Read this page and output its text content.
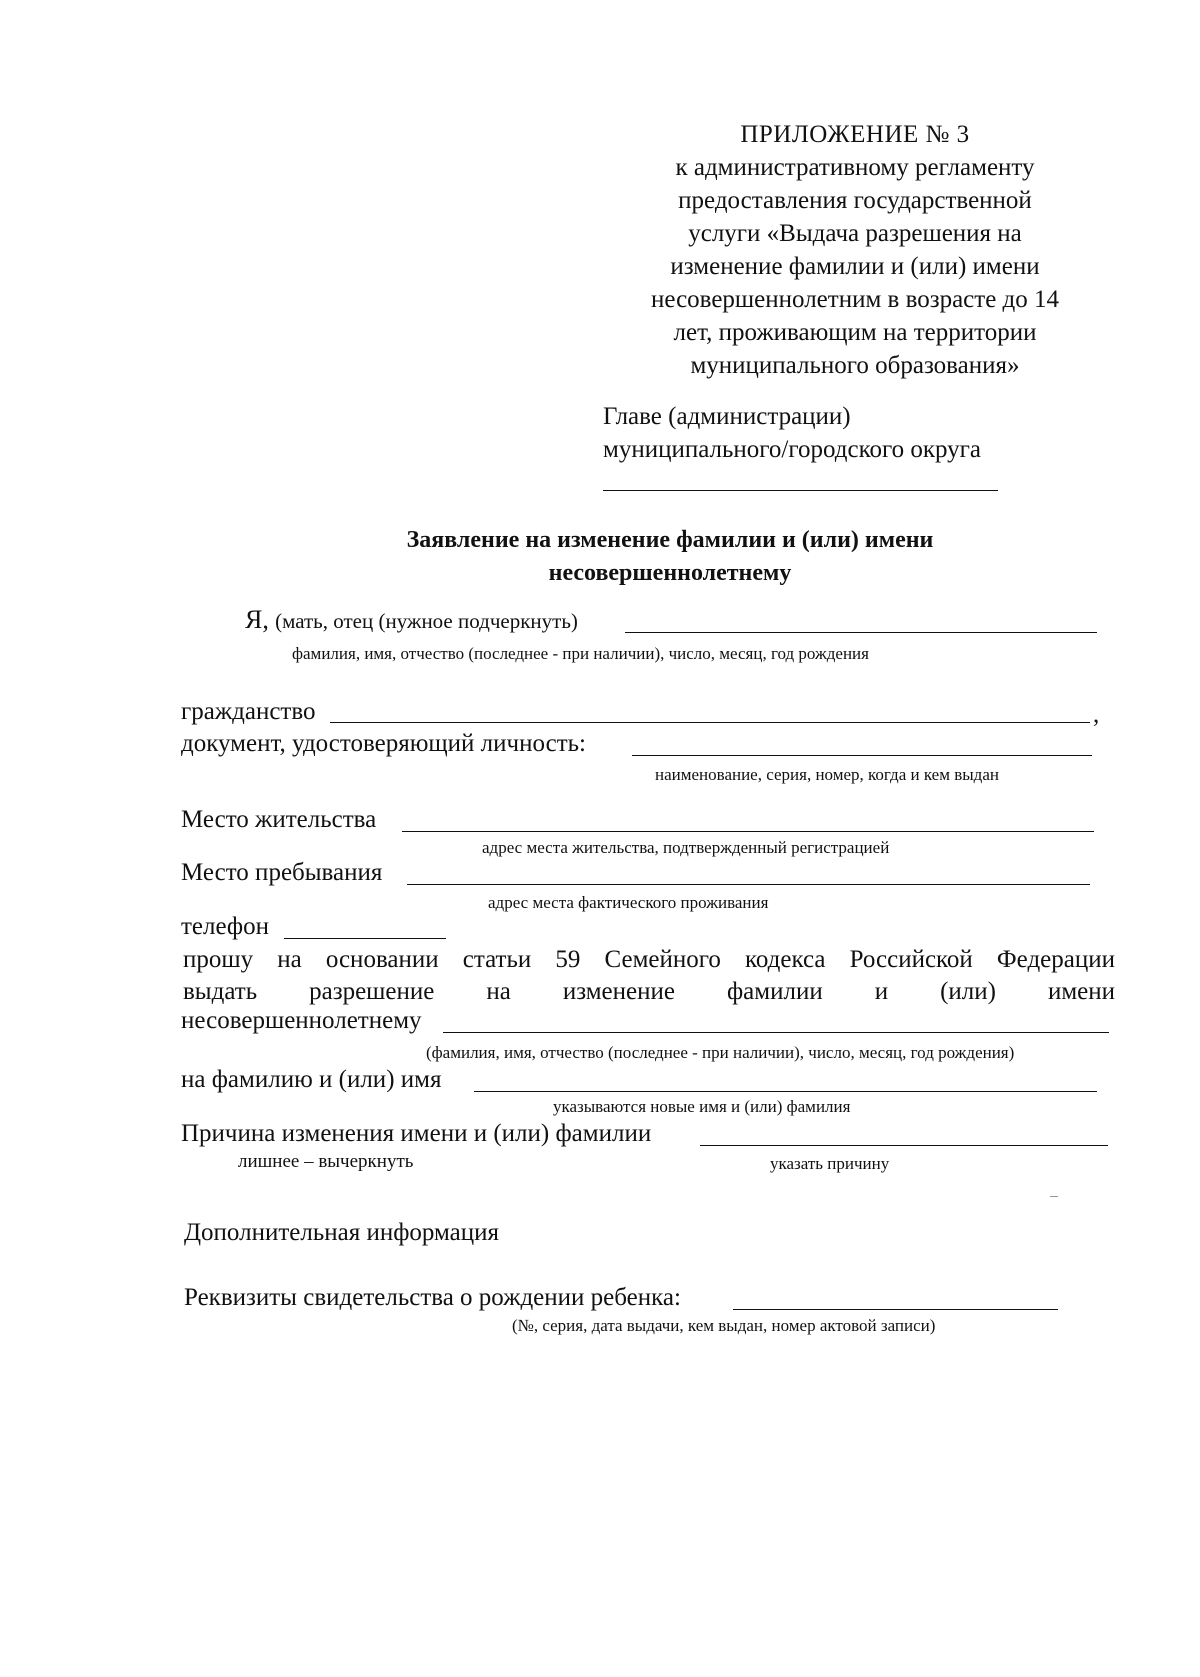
ПРИЛОЖЕНИЕ № 3
к административному регламенту
предоставления государственной
услуги «Выдача разрешения на
изменение фамилии и (или) имени
несовершеннолетним в возрасте до 14
лет, проживающим на территории
муниципального образования»
Главе (администрации)
муниципального/городского округа
Заявление на изменение фамилии и (или) имени
несовершеннолетнему
Я, (мать, отец (нужное подчеркнуть)
фамилия, имя, отчество (последнее - при наличии), число, месяц, год рождения
гражданство	,
документ, удостоверяющий личность:
наименование, серия, номер, когда и кем выдан
Место жительства
адрес места жительства, подтвержденный регистрацией
Место пребывания
адрес места фактического проживания
телефон
прошу на основании статьи 59 Семейного кодекса Российской Федерации
выдать разрешение на изменение фамилии и (или) имени
несовершеннолетнему
(фамилия, имя, отчество (последнее - при наличии), число, месяц, год рождения)
на фамилию и (или) имя
указываются новые имя и (или) фамилия
Причина изменения имени и (или) фамилии
лишнее – вычеркнуть	указать причину
Дополнительная информация
Реквизиты свидетельства о рождении ребенка:
(№, серия, дата выдачи, кем выдан, номер актовой записи)
